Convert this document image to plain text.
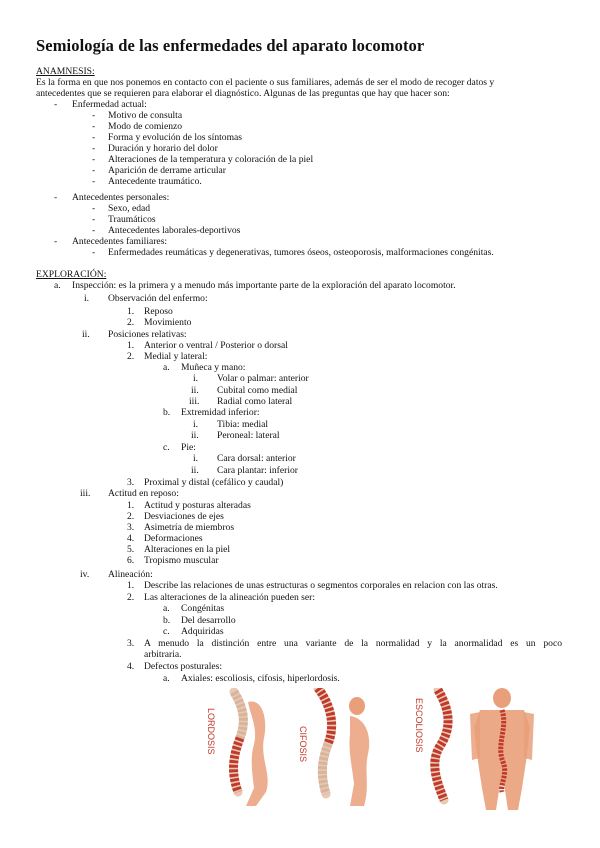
Semiología de las enfermedades del aparato locomotor
ANAMNESIS:
Es la forma en que nos ponemos en contacto con el paciente o sus familiares, además de ser el modo de recoger datos y
antecedentes que se requieren para elaborar el diagnóstico. Algunas de las preguntas que hay que hacer son:
- Enfermedad actual:
- Motivo de consulta
- Modo de comienzo
- Forma y evolución de los síntomas
- Duración y horario del dolor
- Alteraciones de la temperatura y coloración de la piel
- Aparición de derrame articular
- Antecedente traumático.
- Antecedentes personales:
- Sexo, edad
- Traumáticos
- Antecedentes laborales-deportivos
- Antecedentes familiares:
- Enfermedades reumáticas y degenerativas, tumores óseos, osteoporosis, malformaciones congénitas.
EXPLORACIÓN:
a. Inspección: es la primera y a menudo más importante parte de la exploración del aparato locomotor.
i. Observación del enfermo:
1. Reposo
2. Movimiento
ii. Posiciones relativas:
1. Anterior o ventral / Posterior o dorsal
2. Medial y lateral:
a. Muñeca y mano:
i. Volar o palmar: anterior
ii. Cubital como medial
iii. Radial como lateral
b. Extremidad inferior:
i. Tibia: medial
ii. Peroneal: lateral
c. Pie:
i. Cara dorsal: anterior
ii. Cara plantar: inferior
3. Proximal y distal (cefálico y caudal)
iii. Actitud en reposo:
1. Actitud y posturas alteradas
2. Desviaciones de ejes
3. Asimetría de miembros
4. Deformaciones
5. Alteraciones en la piel
6. Tropismo muscular
iv. Alineación:
1. Describe las relaciones de unas estructuras o segmentos corporales en relacion con las otras.
2. Las alteraciones de la alineación pueden ser:
a. Congénitas
b. Del desarrollo
c. Adquiridas
3. A menudo la distinción entre una variante de la normalidad y la anormalidad es un poco
arbitraria.
4. Defectos posturales:
a. Axiales: escoliosis, cifosis, hiperlordosis.
LORDOSIS	CIFOSIS	ESCOLIOSIS
